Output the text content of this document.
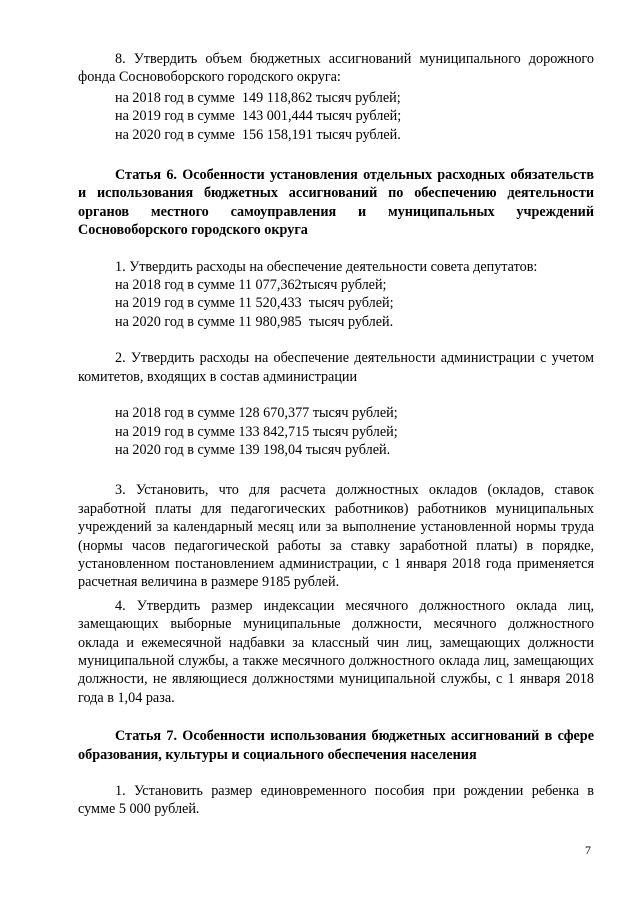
8. Утвердить объем бюджетных ассигнований муниципального дорожного фонда Сосновоборского городского округа:

на 2018 год в сумме  149 118,862 тысяч рублей;
на 2019 год в сумме  143 001,444 тысяч рублей;
на 2020 год в сумме  156 158,191 тысяч рублей.

Статья 6. Особенности установления отдельных расходных обязательств и использования бюджетных ассигнований по обеспечению деятельности органов местного самоуправления и муниципальных учреждений Сосновоборского городского округа

1. Утвердить расходы на обеспечение деятельности совета депутатов:

на 2018 год в сумме 11 077,362тысяч рублей;
на 2019 год в сумме 11 520,433  тысяч рублей;
на 2020 год в сумме 11 980,985  тысяч рублей.

2. Утвердить расходы на обеспечение деятельности администрации с учетом комитетов, входящих в состав администрации

на 2018 год в сумме 128 670,377 тысяч рублей;
на 2019 год в сумме 133 842,715 тысяч рублей;
на 2020 год в сумме 139 198,04 тысяч рублей.

3. Установить, что для расчета должностных окладов (окладов, ставок заработной платы для педагогических работников) работников муниципальных учреждений за календарный месяц или за выполнение установленной нормы труда (нормы часов педагогической работы за ставку заработной платы) в порядке, установленном постановлением администрации, с 1 января 2018 года применяется расчетная величина в размере 9185 рублей.

4. Утвердить размер индексации месячного должностного оклада лиц, замещающих выборные муниципальные должности, месячного должностного оклада и ежемесячной надбавки за классный чин лиц, замещающих должности муниципальной службы, а также месячного должностного оклада лиц, замещающих должности, не являющиеся должностями муниципальной службы, с 1 января 2018 года в 1,04 раза.

Статья 7. Особенности использования бюджетных ассигнований в сфере образования, культуры и социального обеспечения населения

1. Установить размер единовременного пособия при рождении ребенка в сумме 5 000 рублей.

7
